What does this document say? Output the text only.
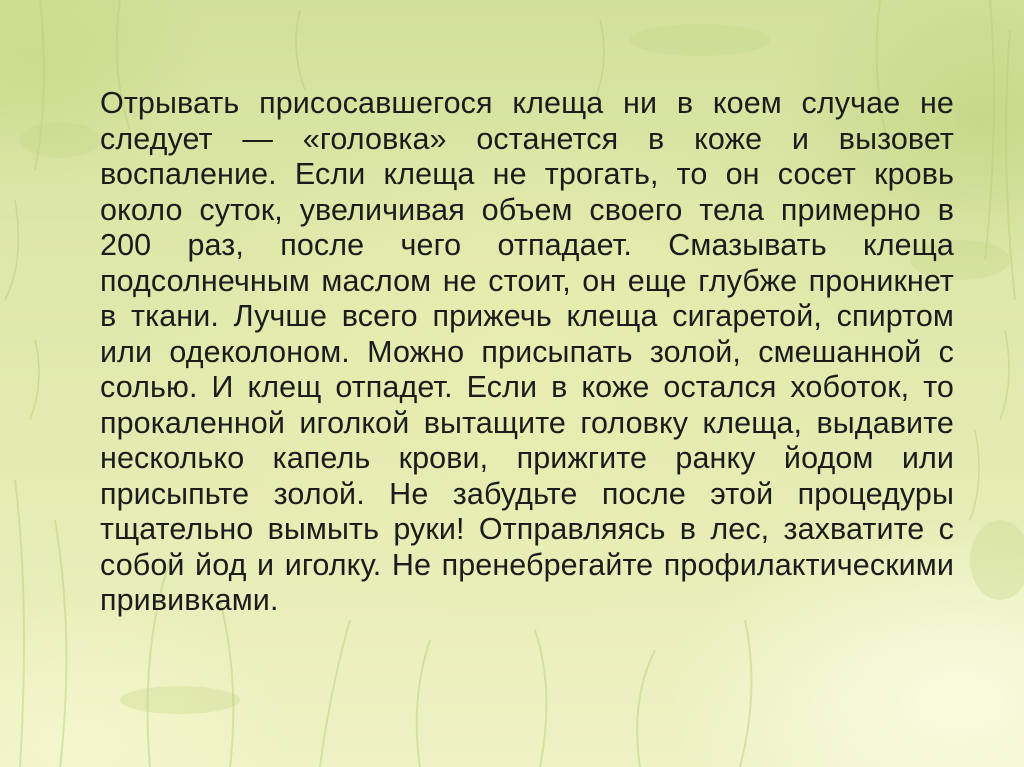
Отрывать присосавшегося клеща ни в коем случае не следует — «головка» останется в коже и вызовет воспаление. Если клеща не трогать, то он сосет кровь около суток, увеличивая объем своего тела примерно в 200 раз, после чего отпадает. Смазывать клеща подсолнечным маслом не стоит, он еще глубже проникнет в ткани. Лучше всего прижечь клеща сигаретой, спиртом или одеколоном. Можно присыпать золой, смешанной с солью. И клещ отпадет. Если в коже остался хоботок, то прокаленной иголкой вытащите головку клеща, выдавите несколько капель крови, прижгите ранку йодом или присыпьте золой. Не забудьте после этой процедуры тщательно вымыть руки! Отправляясь в лес, захватите с собой йод и иголку. Не пренебрегайте профилактическими прививками.
